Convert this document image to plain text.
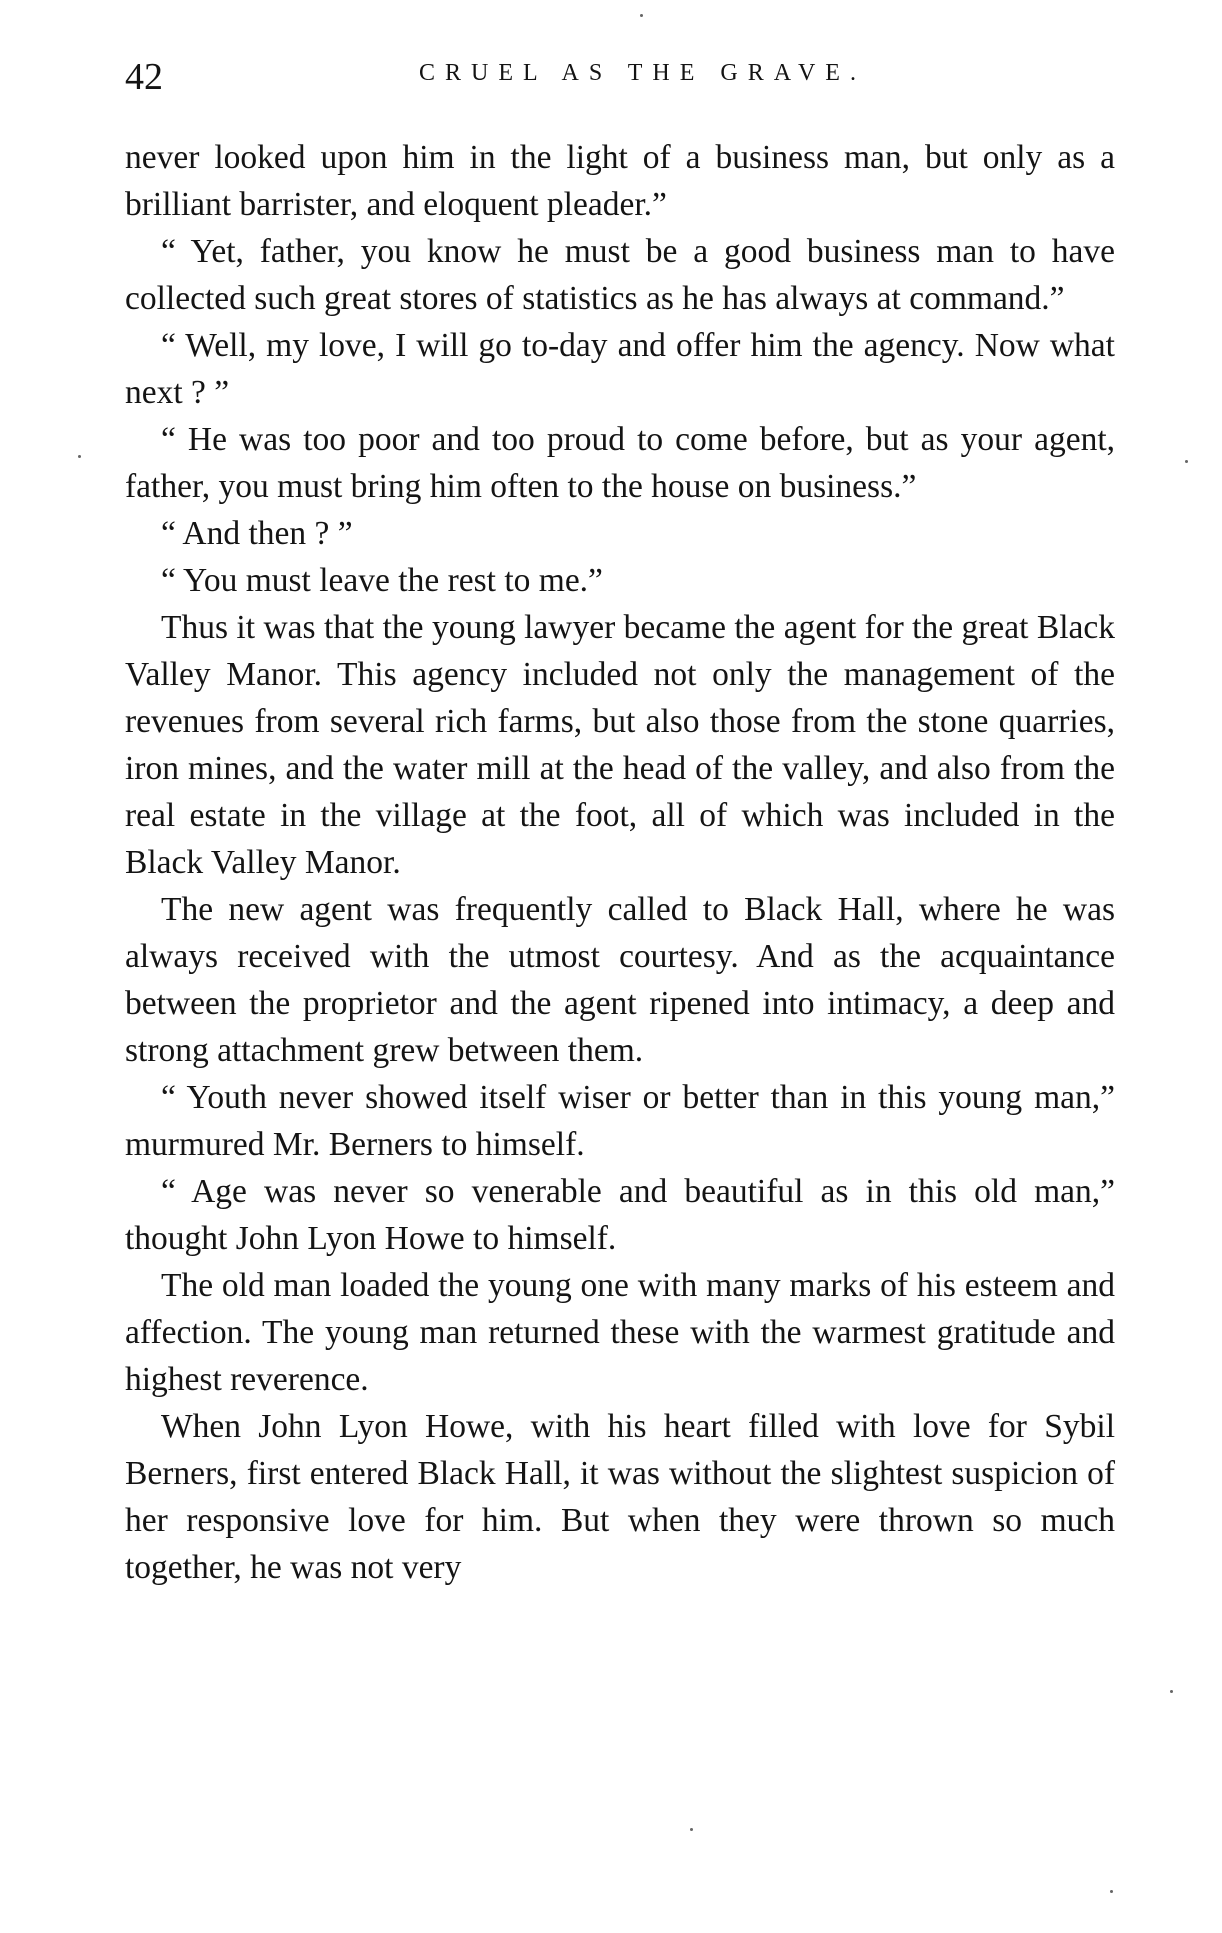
42	CRUEL AS THE GRAVE.

never looked upon him in the light of a business man, but only as a brilliant barrister, and eloquent pleader.”

“ Yet, father, you know he must be a good business man to have collected such great stores of statistics as he has always at command.”

“ Well, my love, I will go to-day and offer him the agency. Now what next ? ”

“ He was too poor and too proud to come before, but as your agent, father, you must bring him often to the house on business.”

“ And then ? ”

“ You must leave the rest to me.”

Thus it was that the young lawyer became the agent for the great Black Valley Manor. This agency included not only the management of the revenues from several rich farms, but also those from the stone quarries, iron mines, and the water mill at the head of the valley, and also from the real estate in the village at the foot, all of which was included in the Black Valley Manor.

The new agent was frequently called to Black Hall, where he was always received with the utmost courtesy. And as the acquaintance between the proprietor and the agent ripened into intimacy, a deep and strong attachment grew between them.

“ Youth never showed itself wiser or better than in this young man,” murmured Mr. Berners to himself.

“ Age was never so venerable and beautiful as in this old man,” thought John Lyon Howe to himself.

The old man loaded the young one with many marks of his esteem and affection. The young man returned these with the warmest gratitude and highest reverence.

When John Lyon Howe, with his heart filled with love for Sybil Berners, first entered Black Hall, it was without the slightest suspicion of her responsive love for him. But when they were thrown so much together, he was not very
